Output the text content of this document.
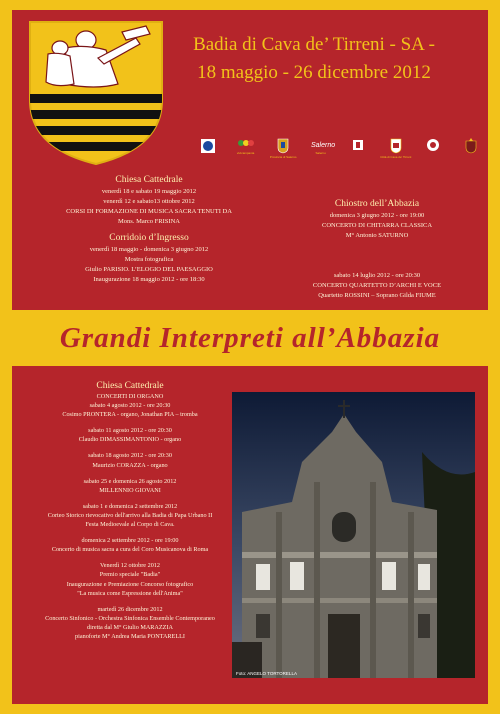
Badia di Cava de’ Tirreni - SA -
18 maggio - 26 dicembre 2012
vivicampania
Provincia di Salerno
Salerno
Salerno
Città di Cava de' Tirreni

Chiesa Cattedrale

venerdì 18 e sabato 19 maggio 2012

venerdì 12 e sabato13 ottobre 2012

CORSI DI FORMAZIONE DI MUSICA SACRA TENUTI DA

Mons. Marco FRISINA

Corridoio d’Ingresso

venerdì 18 maggio - domenica 3 giugno 2012

Mostra fotografica

Giulio PARISIO. L’ELOGIO DEL PAESAGGIO

Inaugurazione 18 maggio 2012 - ore 18:30

Chiostro dell’Abbazia

domenica 3 giugno 2012 - ore 19:00

CONCERTO DI CHITARRA CLASSICA

M° Antonio SATURNO

sabato 14 luglio 2012 - ore 20:30

CONCERTO QUARTETTO D’ARCHI E VOCE

Quartetto ROSSINI – Soprano Gilda FIUME

Grandi Interpreti all’Abbazia

Chiesa Cattedrale

CONCERTI DI ORGANO

sabato 4 agosto 2012 - ore 20:30

Cosimo PRONTERA - organo, Jonathan PIA – tromba

sabato 11 agosto 2012 - ore 20:30

Claudio DIMASSIMANTONIO - organo

sabato 18 agosto 2012 - ore 20:30

Maurizio CORAZZA - organo

sabato 25 e domenica 26 agosto 2012

MILLENNIO GIOVANI

sabato 1 e domenica 2 settembre 2012

Corteo Storico rievocativo dell'arrivo alla Badia di Papa Urbano II

Festa Medioevale al Corpo di Cava.

domenica 2 settembre 2012 - ore 19:00

Concerto di musica sacra a cura del Coro Musicanova di Roma

Venerdì 12 ottobre 2012

Premio speciale "Badia"

Inaugurazione e Premiazione Concorso fotografico

"La musica come Espressione dell'Anima"

martedì 26 dicembre 2012

Concerto Sinfonico - Orchestra Sinfonica Ensemble Contemporaneo

diretta dal M° Giulio MARAZZIA

pianoforte M° Andrea Maria PONTARELLI

Foto: ANGELO TORTORELLA
